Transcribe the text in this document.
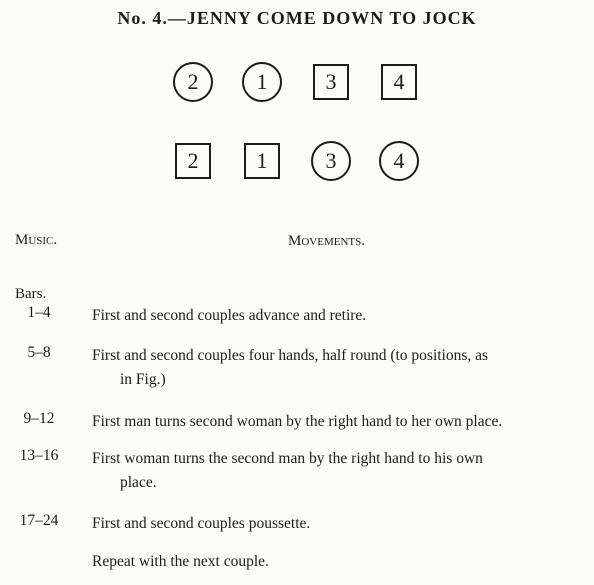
No. 4.—JENNY COME DOWN TO JOCK
2	1	3	4
2	1	3	4
Music.	Movements.
Bars.
1–4	First and second couples advance and retire.
5–8	First and second couples four hands, half round (to positions, as
in Fig.)
9–12	First man turns second woman by the right hand to her own place.
13–16	First woman turns the second man by the right hand to his own
place.
17–24	First and second couples poussette.
Repeat with the next couple.
